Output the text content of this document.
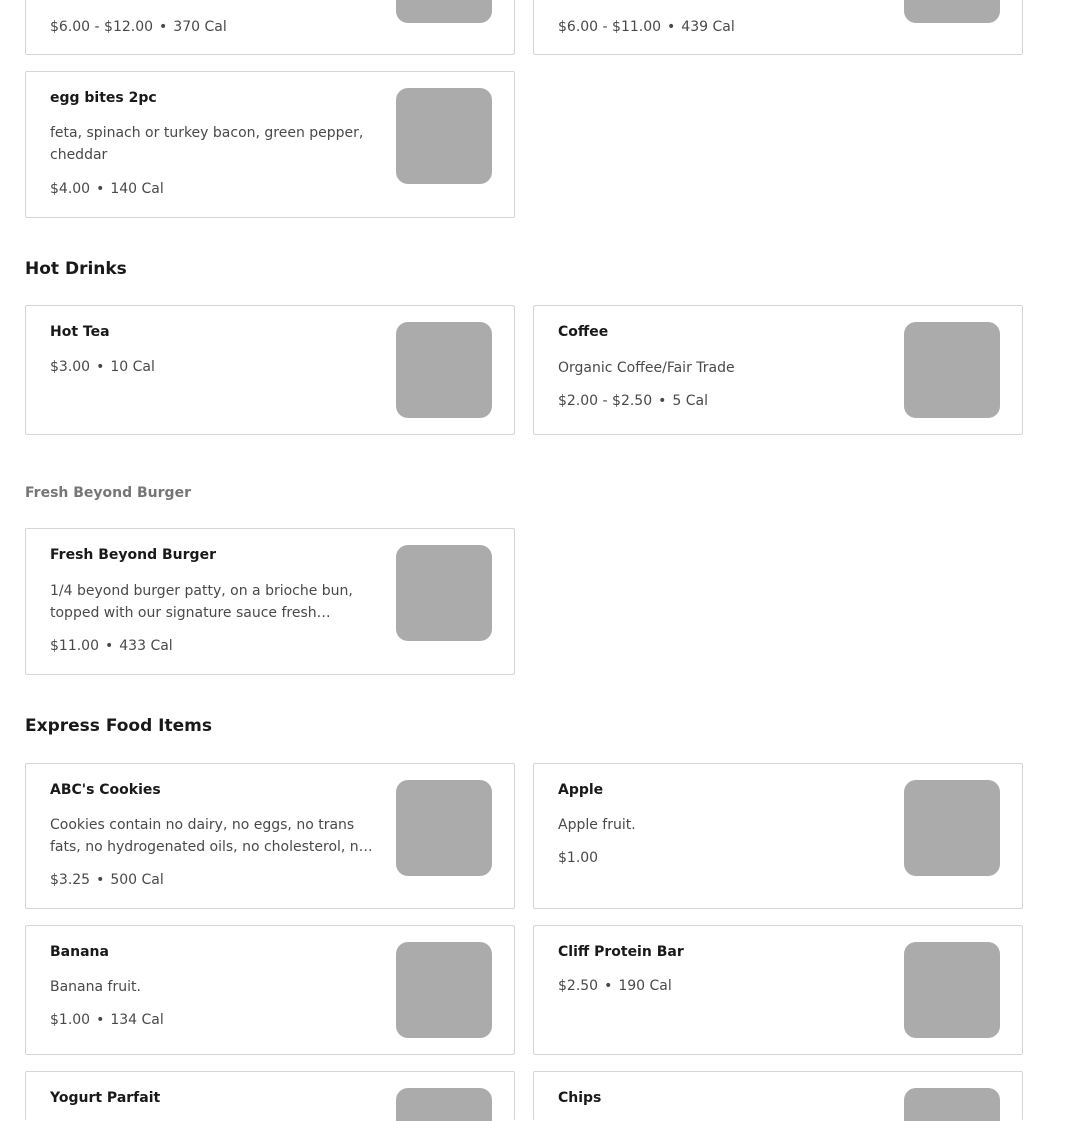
$6.00 - $12.00 • 370 Cal	$6.00 - $11.00 • 439 Cal
egg bites 2pc
feta, spinach or turkey bacon, green pepper, cheddar
$4.00 • 140 Cal
Hot Drinks
Hot Tea
$3.00 • 10 Cal
Coffee
Organic Coffee/Fair Trade
$2.00 - $2.50 • 5 Cal
Fresh Beyond Burger
Fresh Beyond Burger
1/4 beyond burger patty, on a brioche bun, topped with our signature sauce fresh
$11.00 • 433 Cal
Express Food Items
ABC's Cookies
Cookies contain no dairy, no eggs, no trans fats, no hydrogenated oils, no cholesterol, no
$3.25 • 500 Cal
Apple
Apple fruit.
$1.00
Banana
Banana fruit.
$1.00 • 134 Cal
Cliff Protein Bar
$2.50 • 190 Cal
Yogurt Parfait	Chips
